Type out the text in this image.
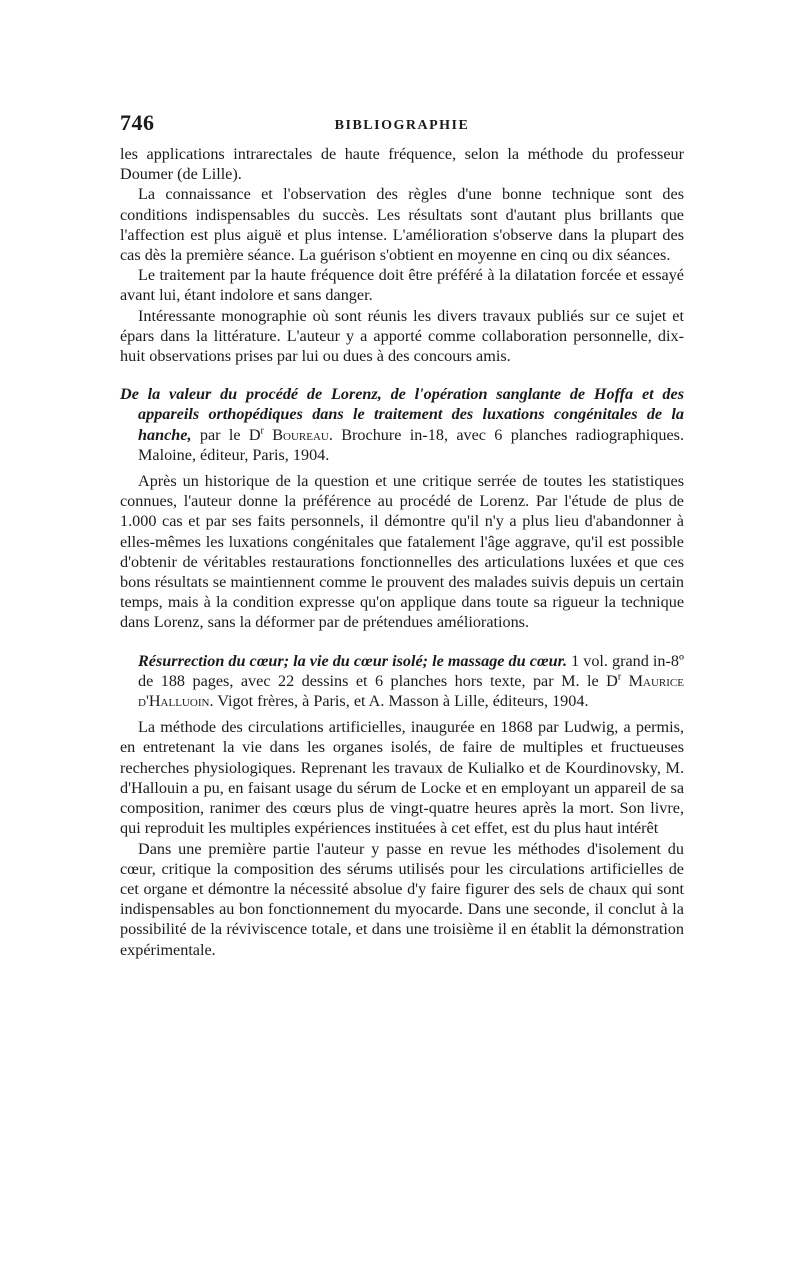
746	BIBLIOGRAPHIE

les applications intrarectales de haute fréquence, selon la méthode du professeur Doumer (de Lille).

La connaissance et l'observation des règles d'une bonne technique sont des conditions indispensables du succès. Les résultats sont d'autant plus brillants que l'affection est plus aiguë et plus intense. L'amélioration s'observe dans la plupart des cas dès la première séance. La guérison s'obtient en moyenne en cinq ou dix séances.

Le traitement par la haute fréquence doit être préféré à la dilatation forcée et essayé avant lui, étant indolore et sans danger.

Intéressante monographie où sont réunis les divers travaux publiés sur ce sujet et épars dans la littérature. L'auteur y a apporté comme collaboration personnelle, dix-huit observations prises par lui ou dues à des concours amis.

De la valeur du procédé de Lorenz, de l'opération sanglante de Hoffa et des appareils orthopédiques dans le traitement des luxations congénitales de la hanche, par le $D^r$ Boureau. Brochure in-18, avec 6 planches radiographiques. Maloine, éditeur, Paris, 1904.

Après un historique de la question et une critique serrée de toutes les statistiques connues, l'auteur donne la préférence au procédé de Lorenz. Par l'étude de plus de 1.000 cas et par ses faits personnels, il démontre qu'il n'y a plus lieu d'abandonner à elles-mêmes les luxations congénitales que fatalement l'âge aggrave, qu'il est possible d'obtenir de véritables restaurations fonctionnelles des articulations luxées et que ces bons résultats se maintiennent comme le prouvent des malades suivis depuis un certain temps, mais à la condition expresse qu'on applique dans toute sa rigueur la technique dans Lorenz, sans la déformer par de prétendues améliorations.

Résurrection du cœur; la vie du cœur isolé; le massage du cœur. 1 vol. grand in-8º de 188 pages, avec 22 dessins et 6 planches hors texte, par M. le $D^r$ Maurice d'Halluoin. Vigot frères, à Paris, et A. Masson à Lille, éditeurs, 1904.

La méthode des circulations artificielles, inaugurée en 1868 par Ludwig, a permis, en entretenant la vie dans les organes isolés, de faire de multiples et fructueuses recherches physiologiques. Reprenant les travaux de Kulialko et de Kourdinovsky, M. d'Hallouin a pu, en faisant usage du sérum de Locke et en employant un appareil de sa composition, ranimer des cœurs plus de vingt-quatre heures après la mort. Son livre, qui reproduit les multiples expériences instituées à cet effet, est du plus haut intérêt

Dans une première partie l'auteur y passe en revue les méthodes d'isolement du cœur, critique la composition des sérums utilisés pour les circulations artificielles de cet organe et démontre la nécessité absolue d'y faire figurer des sels de chaux qui sont indispensables au bon fonctionnement du myocarde. Dans une seconde, il conclut à la possibilité de la réviviscence totale, et dans une troisième il en établit la démonstration expérimentale.
